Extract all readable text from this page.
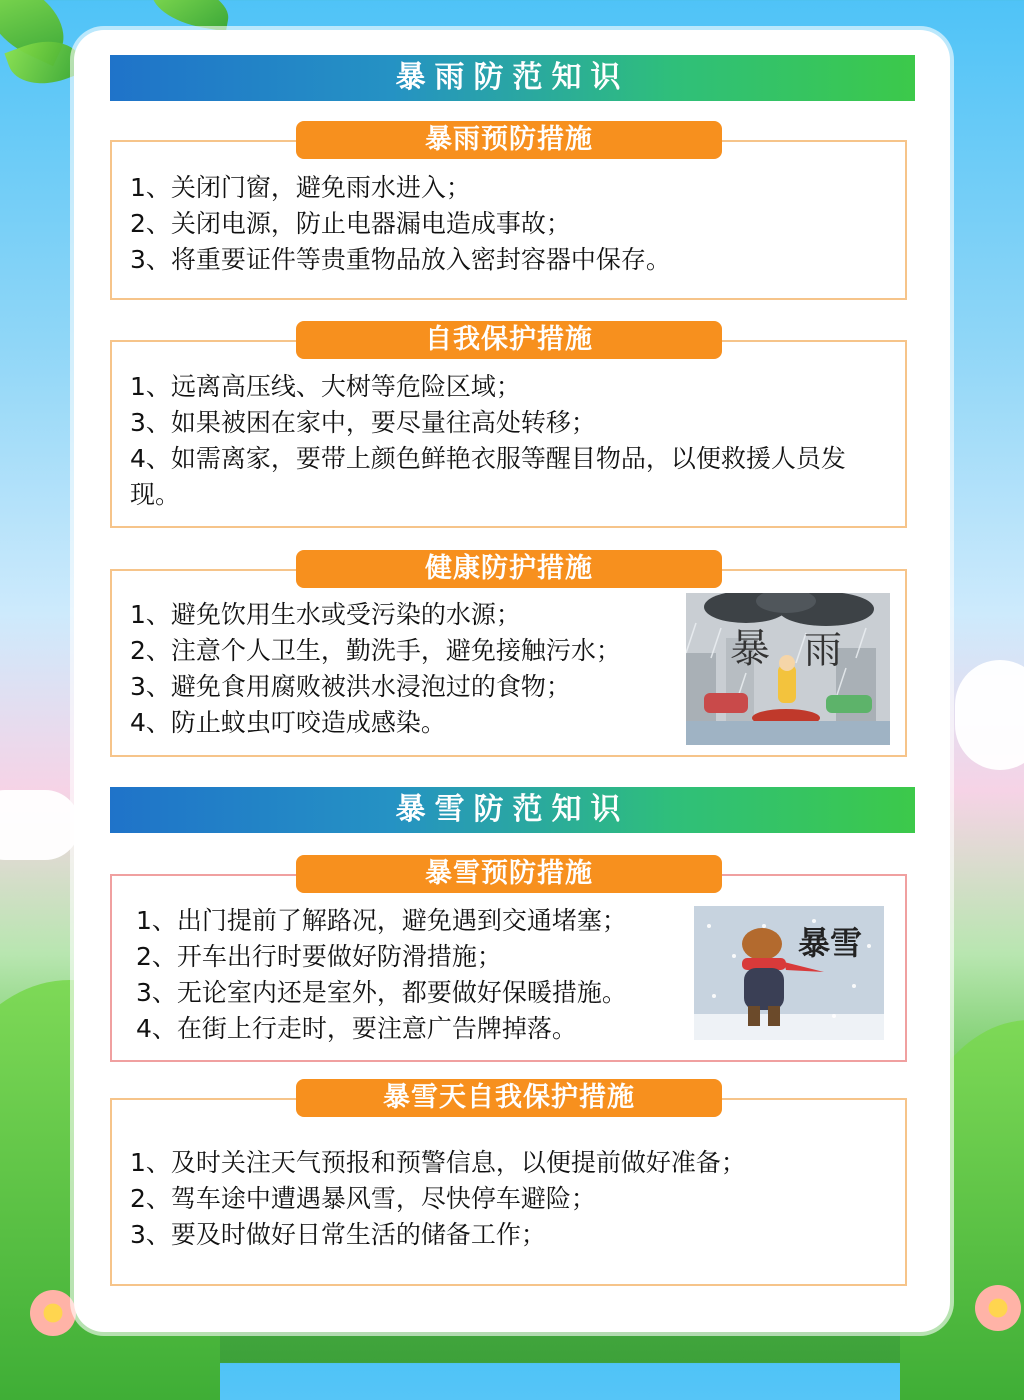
暴雨防范知识
暴雨预防措施
1、关闭门窗，避免雨水进入；
2、关闭电源，防止电器漏电造成事故；
3、将重要证件等贵重物品放入密封容器中保存。
自我保护措施
1、远离高压线、大树等危险区域；
3、如果被困在家中，要尽量往高处转移；
4、如需离家，要带上颜色鲜艳衣服等醒目物品，以便救援人员发现。
健康防护措施
1、避免饮用生水或受污染的水源；
2、注意个人卫生，勤洗手，避免接触污水；
3、避免食用腐败被洪水浸泡过的食物；
4、防止蚊虫叮咬造成感染。
暴 雨
暴雪防范知识
暴雪预防措施
1、出门提前了解路况，避免遇到交通堵塞；
2、开车出行时要做好防滑措施；
3、无论室内还是室外，都要做好保暖措施。
4、在街上行走时，要注意广告牌掉落。
暴雪
暴雪天自我保护措施
1、及时关注天气预报和预警信息，以便提前做好准备；
2、驾车途中遭遇暴风雪，尽快停车避险；
3、要及时做好日常生活的储备工作；
